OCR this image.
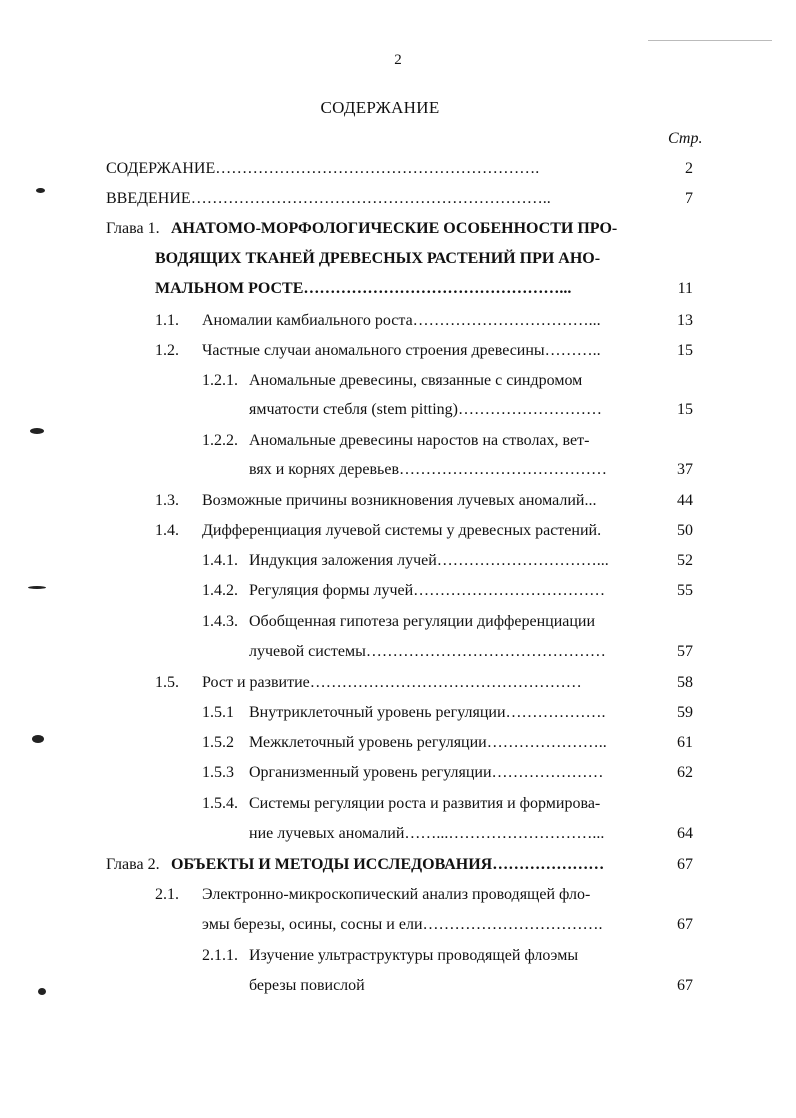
2
СОДЕРЖАНИЕ
Стр.
СОДЕРЖАНИЕ…………………………………………………….	2
ВВЕДЕНИЕ…………………………………………………………..	7
Глава 1. АНАТОМО-МОРФОЛОГИЧЕСКИЕ ОСОБЕННОСТИ ПРО-
ВОДЯЩИХ ТКАНЕЙ ДРЕВЕСНЫХ РАСТЕНИЙ ПРИ АНО-
МАЛЬНОМ РОСТЕ…………………………………………...	11
1.1. Аномалии камбиального роста……………………………...	13
1.2. Частные случаи аномального строения древесины………..	15
1.2.1. Аномальные древесины, связанные с синдромом
ямчатости стебля (stem pitting)………………………	15
1.2.2. Аномальные древесины наростов на стволах, вет-
вях и корнях деревьев…………………………………	37
1.3. Возможные причины возникновения лучевых аномалий...	44
1.4. Дифференциация лучевой системы у древесных растений.	50
1.4.1. Индукция заложения лучей…………………………...	52
1.4.2. Регуляция формы лучей………………………………	55
1.4.3. Обобщенная гипотеза регуляции дифференциации
лучевой системы………………………………………	57
1.5. Рост и развитие……………………………………………	58
1.5.1 Внутриклеточный уровень регуляции……………….	59
1.5.2 Межклеточный уровень регуляции…………………..	61
1.5.3 Организменный уровень регуляции…………………	62
1.5.4. Системы регуляции роста и развития и формирова-
ние лучевых аномалий……...………………………...	64
Глава 2. ОБЪЕКТЫ И МЕТОДЫ ИССЛЕДОВАНИЯ…………………	67
2.1. Электронно-микроскопический анализ проводящей фло-
эмы березы, осины, сосны и ели…………………………….	67
2.1.1. Изучение ультраструктуры проводящей флоэмы
березы повислой	67
